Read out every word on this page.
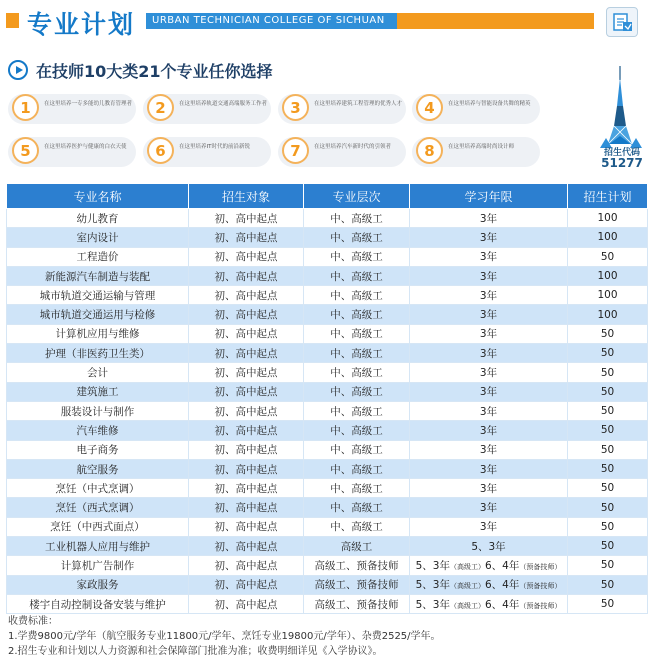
专业计划	URBAN TECHNICIAN COLLEGE OF SICHUAN
在技师10大类21个专业任你选择
1	在这里培养一专多能幼儿教育管理者	2	在这里培养轨道交通高端服务工作者	3	在这里培养建筑工程管理的优秀人才	4	在这里培养与智能设备共舞的精英
5	在这里培养医护与健康的白衣天使	6	在这里培养IT时代的前沿新锐	7	在这里培养汽车新时代的引领者	8	在这里培养高端时尚设计师
招生代码
51277
专业名称	招生对象	专业层次	学习年限	招生计划
幼儿教育	初、高中起点	中、高级工	3年	100
室内设计	初、高中起点	中、高级工	3年	100
工程造价	初、高中起点	中、高级工	3年	50
新能源汽车制造与装配	初、高中起点	中、高级工	3年	100
城市轨道交通运输与管理	初、高中起点	中、高级工	3年	100
城市轨道交通运用与检修	初、高中起点	中、高级工	3年	100
计算机应用与维修	初、高中起点	中、高级工	3年	50
护理（非医药卫生类）	初、高中起点	中、高级工	3年	50
会计	初、高中起点	中、高级工	3年	50
建筑施工	初、高中起点	中、高级工	3年	50
服装设计与制作	初、高中起点	中、高级工	3年	50
汽车维修	初、高中起点	中、高级工	3年	50
电子商务	初、高中起点	中、高级工	3年	50
航空服务	初、高中起点	中、高级工	3年	50
烹饪（中式烹调）	初、高中起点	中、高级工	3年	50
烹饪（西式烹调）	初、高中起点	中、高级工	3年	50
烹饪（中西式面点）	初、高中起点	中、高级工	3年	50
工业机器人应用与维护	初、高中起点	高级工	5、3年	50
计算机广告制作	初、高中起点	高级工、预备技师	5、3年（高级工）6、4年（预备技师）	50
家政服务	初、高中起点	高级工、预备技师	5、3年（高级工）6、4年（预备技师）	50
楼宇自动控制设备安装与维护	初、高中起点	高级工、预备技师	5、3年（高级工）6、4年（预备技师）	50
收费标准：
1.学费9800元/学年（航空服务专业11800元/学年、烹饪专业19800元/学年）、杂费2525/学年。
2.招生专业和计划以人力资源和社会保障部门批准为准；收费明细详见《入学协议》。
